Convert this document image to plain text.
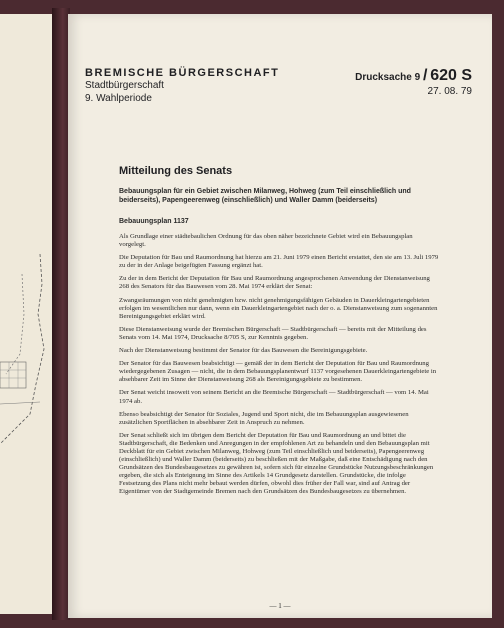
BREMISCHE BÜRGERSCHAFT
Stadtbürgerschaft
9. Wahlperiode
Drucksache 9 / 620 S
27. 08. 79
Mitteilung des Senats
Bebauungsplan für ein Gebiet zwischen Milanweg, Hohweg (zum Teil einschließlich und beiderseits), Papengeerenweg (einschließlich) und Waller Damm (beiderseits)
Bebauungsplan 1137

Als Grundlage einer städtebaulichen Ordnung für das oben näher bezeichnete Gebiet wird ein Bebauungsplan vorgelegt.

Die Deputation für Bau und Raumordnung hat hierzu am 21. Juni 1979 einen Bericht erstattet, den sie am 13. Juli 1979 zu der in der Anlage beigefügten Fassung ergänzt hat.

Zu der in dem Bericht der Deputation für Bau und Raumordnung angesprochenen Anwendung der Dienstanweisung 268 des Senators für das Bauwesen vom 28. Mai 1974 erklärt der Senat:

Zwangsräumungen von nicht genehmigten bzw. nicht genehmigungsfähigen Gebäuden in Dauerkleingartengebieten erfolgen im wesentlichen nur dann, wenn ein Dauerkleingartengebiet nach der o. a. Dienstanweisung zum sogenannten Bereinigungsgebiet erklärt wird.

Diese Dienstanweisung wurde der Bremischen Bürgerschaft — Stadtbürgerschaft — bereits mit der Mitteilung des Senats vom 14. Mai 1974, Drucksache 8/705 S, zur Kenntnis gegeben.

Nach der Dienstanweisung bestimmt der Senator für das Bauwesen die Bereinigungsgebiete.

Der Senator für das Bauwesen beabsichtigt — gemäß der in dem Bericht der Deputation für Bau und Raumordnung wiedergegebenen Zusagen — nicht, die in dem Bebauungsplanentwurf 1137 vorgesehenen Dauerkleingartengebiete in absehbarer Zeit im Sinne der Dienstanweisung 268 als Bereinigungsgebiete zu bestimmen.

Der Senat weicht insoweit von seinem Bericht an die Bremische Bürgerschaft — Stadtbürgerschaft — vom 14. Mai 1974 ab.

Ebenso beabsichtigt der Senator für Soziales, Jugend und Sport nicht, die im Bebauungsplan ausgewiesenen zusätzlichen Sportflächen in absehbarer Zeit in Anspruch zu nehmen.

Der Senat schließt sich im übrigen dem Bericht der Deputation für Bau und Raumordnung an und bittet die Stadtbürgerschaft, die Bedenken und Anregungen in der empfohlenen Art zu behandeln und den Bebauungsplan mit Deckblatt für ein Gebiet zwischen Milanweg, Hohweg (zum Teil einschließlich und beiderseits), Papengeerenweg (einschließlich) und Waller Damm (beiderseits) zu beschließen mit der Maßgabe, daß eine Entschädigung nach den Grundsätzen des Bundesbaugesetzes zu gewähren ist, sofern sich für einzelne Grundstücke Nutzungsbeschränkungen ergeben, die sich als Enteignung im Sinne des Artikels 14 Grundgesetz darstellen. Grundstücke, die infolge Festsetzung des Plans nicht mehr bebaut werden dürfen, obwohl dies früher der Fall war, sind auf Antrag der Eigentümer von der Stadtgemeinde Bremen nach den Grundsätzen des Bundesbaugesetzes zu übernehmen.

— 1 —
